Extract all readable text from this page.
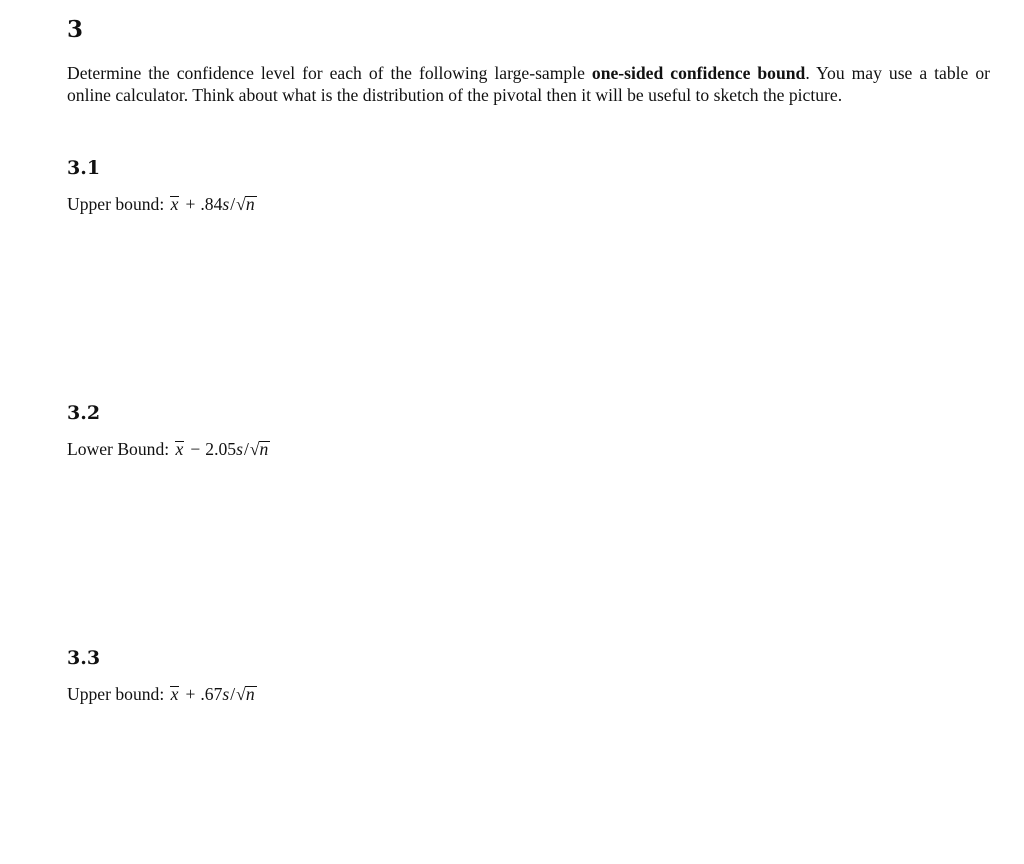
3

Determine the confidence level for each of the following large-sample one-sided confidence bound. You may use a table or online calculator. Think about what is the distribution of the pivotal then it will be useful to sketch the picture.

3.1

Upper bound: x + .84s/√n

3.2

Lower Bound: x − 2.05s/√n

3.3

Upper bound: x + .67s/√n
